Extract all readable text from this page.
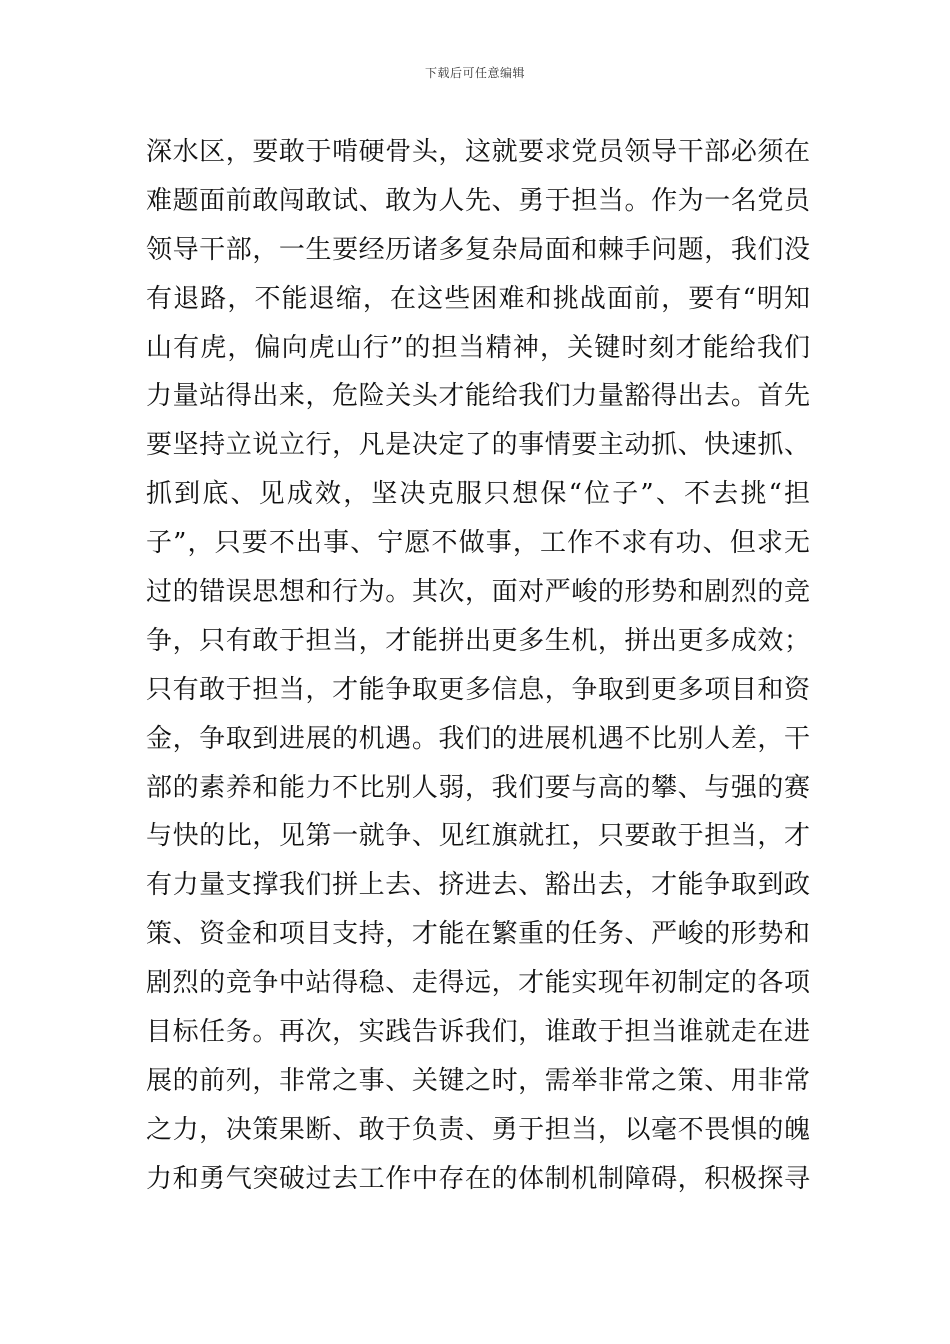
下载后可任意编辑
深水区，要敢于啃硬骨头，这就要求党员领导干部必须在
难题面前敢闯敢试、敢为人先、勇于担当。作为一名党员
领导干部，一生要经历诸多复杂局面和棘手问题，我们没
有退路，不能退缩，在这些困难和挑战面前，要有“明知
山有虎，偏向虎山行”的担当精神，关键时刻才能给我们
力量站得出来，危险关头才能给我们力量豁得出去。首先
要坚持立说立行，凡是决定了的事情要主动抓、快速抓、
抓到底、见成效，坚决克服只想保“位子”、不去挑“担
子”，只要不出事、宁愿不做事，工作不求有功、但求无
过的错误思想和行为。其次，面对严峻的形势和剧烈的竞
争，只有敢于担当，才能拼出更多生机，拼出更多成效；
只有敢于担当，才能争取更多信息，争取到更多项目和资
金，争取到进展的机遇。我们的进展机遇不比别人差，干
部的素养和能力不比别人弱，我们要与高的攀、与强的赛
与快的比，见第一就争、见红旗就扛，只要敢于担当，才
有力量支撑我们拼上去、挤进去、豁出去，才能争取到政
策、资金和项目支持，才能在繁重的任务、严峻的形势和
剧烈的竞争中站得稳、走得远，才能实现年初制定的各项
目标任务。再次，实践告诉我们，谁敢于担当谁就走在进
展的前列，非常之事、关键之时，需举非常之策、用非常
之力，决策果断、敢于负责、勇于担当，以毫不畏惧的魄
力和勇气突破过去工作中存在的体制机制障碍，积极探寻
